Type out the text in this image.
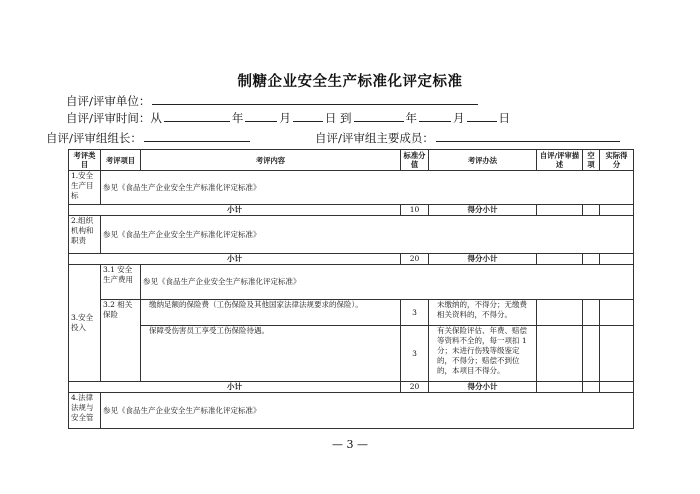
制糖企业安全生产标准化评定标准
自评/评审单位：
自评/评审时间：从	年	月	日 到	年	月	日
自评/评审组组长：	自评/评审组主要成员：
考评类目	考评项目	考评内容	标准分值	考评办法	自评/评审描述	空项	实际得分
1.安全生产目标	参见《食品生产企业安全生产标准化评定标准》						
小计			10	得分小计			
2.组织机构和职责	参见《食品生产企业安全生产标准化评定标准》						
小计			20	得分小计			
3.安全投入	3.1 安全生产费用	参见《食品生产企业安全生产标准化评定标准》					
	3.2 相关保险	缴纳足额的保险费（工伤保险及其他国家法律法规要求的保险）。	3	未缴纳的，不得分；无缴费相关资料的，不得分。			
		保障受伤害员工享受工伤保险待遇。	3	有关保险评估、年费、赔偿等资料不全的，每一项扣 1 分；未进行伤残等级鉴定的，不得分；赔偿不到位的，本项目不得分。			
小计			20	得分小计			
4.法律法规与安全管	参见《食品生产企业安全生产标准化评定标准》						
— 3 —
